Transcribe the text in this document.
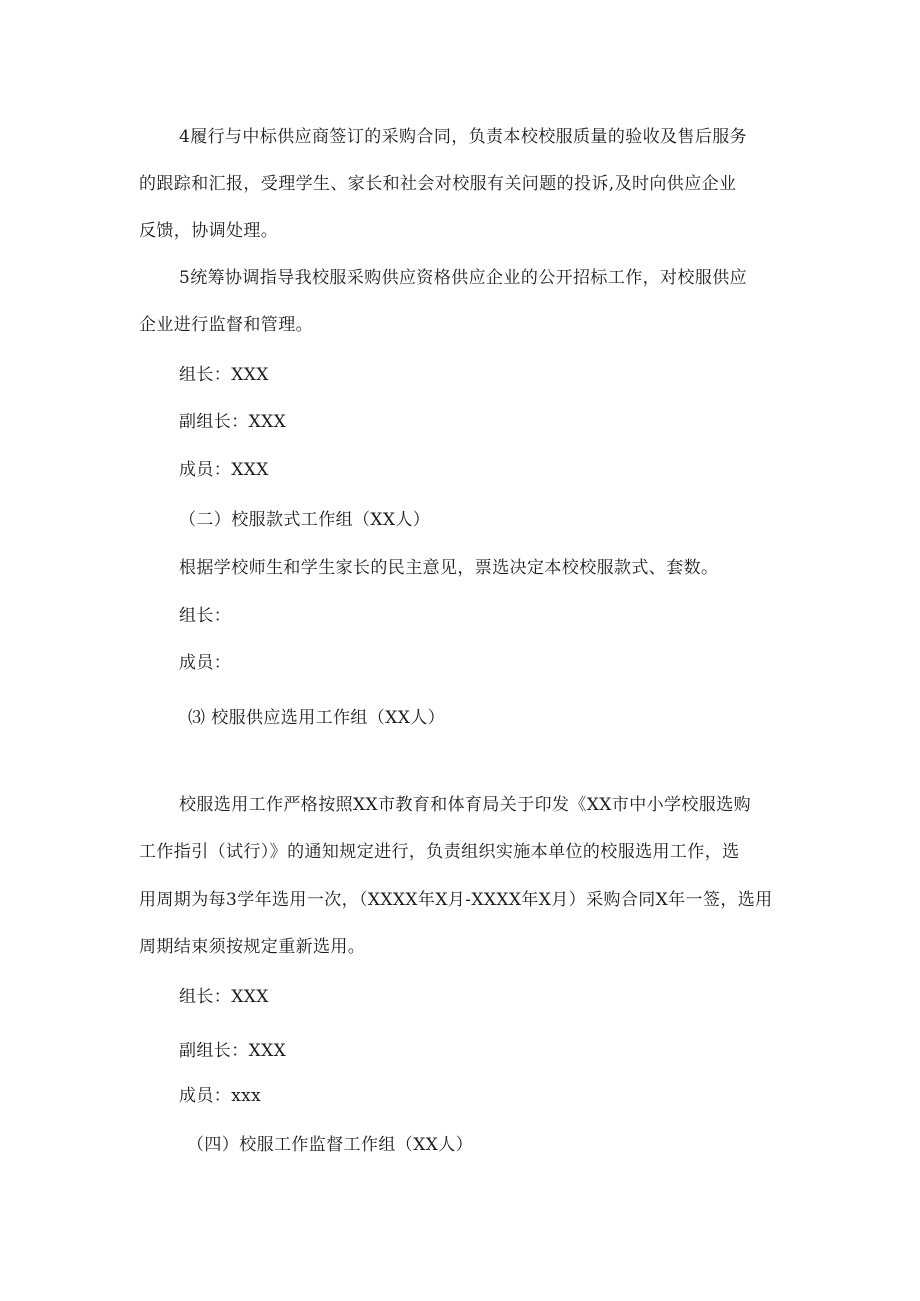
4履行与中标供应商签订的采购合同，负责本校校服质量的验收及售后服务
的跟踪和汇报，受理学生、家长和社会对校服有关问题的投诉,及时向供应企业
反馈，协调处理。
5统筹协调指导我校服采购供应资格供应企业的公开招标工作，对校服供应
企业进行监督和管理。
组长：XXX
副组长：XXX
成员：XXX
（二）校服款式工作组（XX人）
根据学校师生和学生家长的民主意见，票选决定本校校服款式、套数。
组长：
成员：
⑶ 校服供应选用工作组（XX人）
校服选用工作严格按照XX市教育和体育局关于印发《XX市中小学校服选购
工作指引（试行）》的通知规定进行，负责组织实施本单位的校服选用工作，选
用周期为每3学年选用一次，（XXXX年X月-XXXX年X月）采购合同X年一签，选用
周期结束须按规定重新选用。
组长：XXX
副组长：XXX
成员：xxx
（四）校服工作监督工作组（XX人）
